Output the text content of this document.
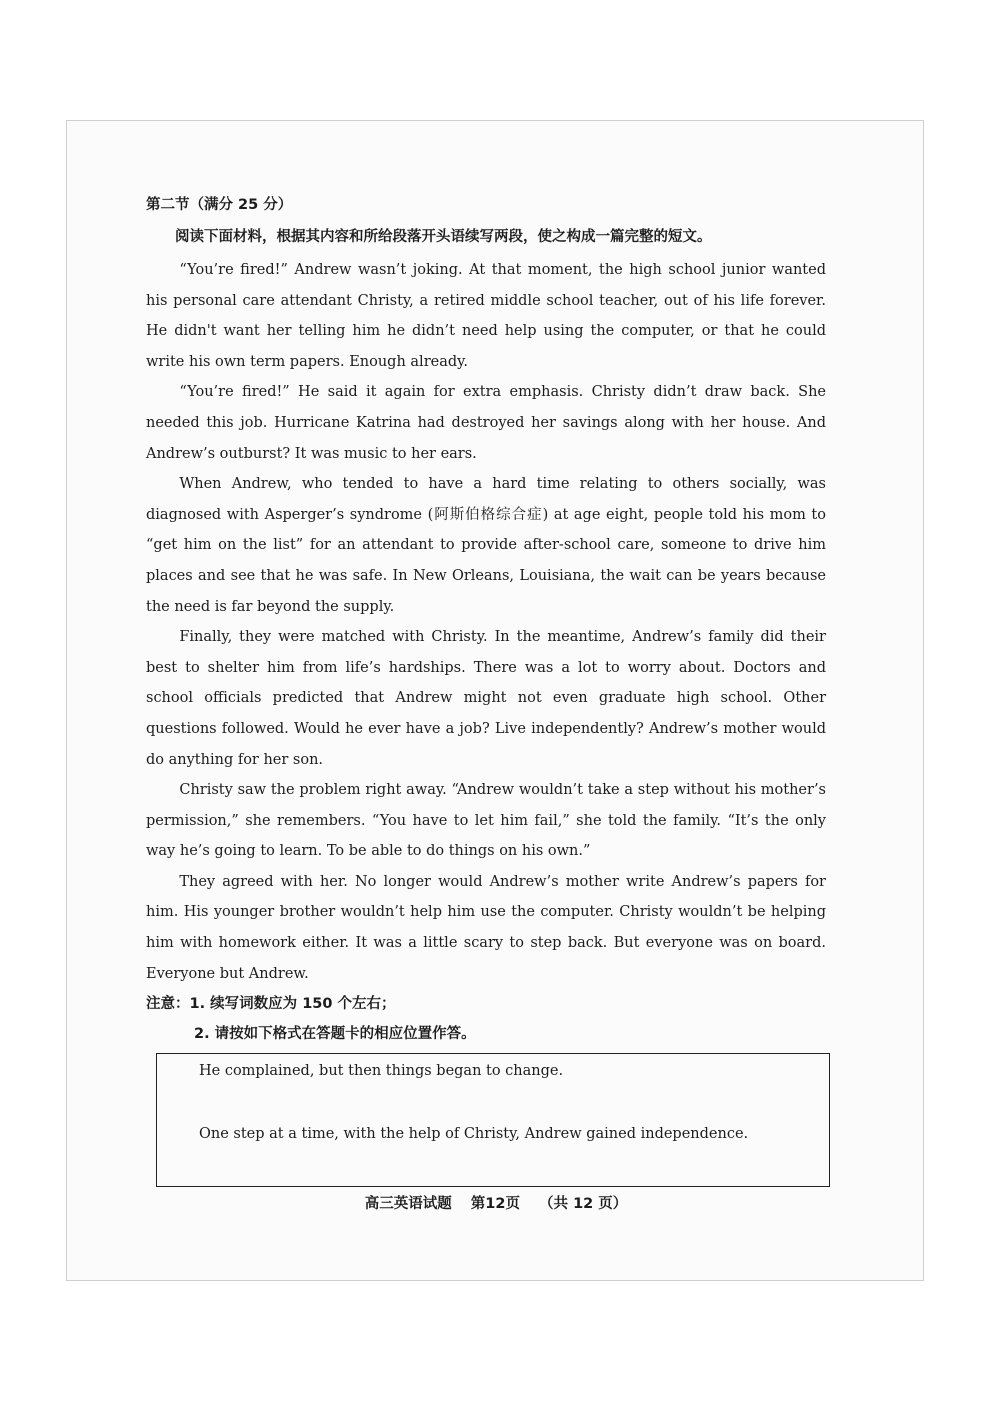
第二节（满分 25 分）
阅读下面材料，根据其内容和所给段落开头语续写两段，使之构成一篇完整的短文。

“You’re fired!” Andrew wasn’t joking. At that moment, the high school junior wanted his personal care attendant Christy, a retired middle school teacher, out of his life forever. He didn't want her telling him he didn’t need help using the computer, or that he could write his own term papers. Enough already.

“You’re fired!” He said it again for extra emphasis. Christy didn’t draw back. She needed this job. Hurricane Katrina had destroyed her savings along with her house. And Andrew’s outburst? It was music to her ears.

When Andrew, who tended to have a hard time relating to others socially, was diagnosed with Asperger’s syndrome (阿斯伯格综合症) at age eight, people told his mom to “get him on the list” for an attendant to provide after-school care, someone to drive him places and see that he was safe. In New Orleans, Louisiana, the wait can be years because the need is far beyond the supply.

Finally, they were matched with Christy. In the meantime, Andrew’s family did their best to shelter him from life’s hardships. There was a lot to worry about. Doctors and school officials predicted that Andrew might not even graduate high school. Other questions followed. Would he ever have a job? Live independently? Andrew’s mother would do anything for her son.

Christy saw the problem right away. “Andrew wouldn’t take a step without his mother’s permission,” she remembers. “You have to let him fail,” she told the family. “It’s the only way he’s going to learn. To be able to do things on his own.”

They agreed with her. No longer would Andrew’s mother write Andrew’s papers for him. His younger brother wouldn’t help him use the computer. Christy wouldn’t be helping him with homework either. It was a little scary to step back. But everyone was on board. Everyone but Andrew.

注意：1. 续写词数应为 150 个左右；
2. 请按如下格式在答题卡的相应位置作答。
He complained, but then things began to change.
One step at a time, with the help of Christy, Andrew gained independence.
高三英语试题 第12页 （共 12 页）
